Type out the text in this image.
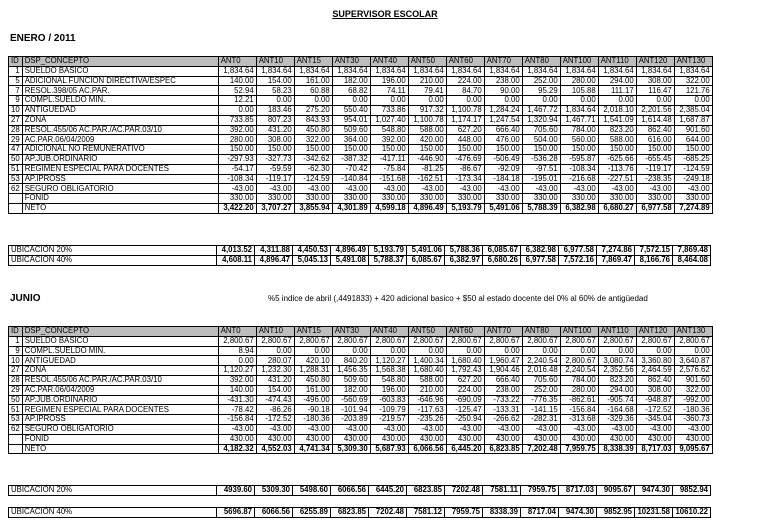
SUPERVISOR ESCOLAR
ENERO / 2011
ID	DSP_CONCEPTO	ANT0	ANT10	ANT15	ANT30	ANT40	ANT50	ANT60	ANT70	ANT80	ANT100	ANT110	ANT120	ANT130
1	SUELDO BASICO	1,834.64	1,834.64	1,834.64	1,834.64	1,834.64	1,834.64	1,834.64	1,834.64	1,834.64	1,834.64	1,834.64	1,834.64	1,834.64
5	ADICIONAL FUNCION DIRECTIVA/ESPEC	140.00	154.00	161.00	182.00	196.00	210.00	224.00	238.00	252.00	280.00	294.00	308.00	322.00
7	RESOL.398/05 AC.PAR.	52.94	58.23	60.88	68.82	74.11	79.41	84.70	90.00	95.29	105.88	111.17	116.47	121.76
9	COMPL.SUELDO MIN.	12.21	0.00	0.00	0.00	0.00	0.00	0.00	0.00	0.00	0.00	0.00	0.00	0.00
10	ANTIGUEDAD	0.00	183.46	275.20	550.40	733.86	917.32	1,100.78	1,284.24	1,467.72	1,834.64	2,018.10	2,201.56	2,385.04
27	ZONA	733.85	807.23	843.93	954.01	1,027.40	1,100.78	1,174.17	1,247.54	1,320.94	1,467.71	1,541.09	1,614.48	1,687.87
28	RESOL.455/06 AC.PAR./AC.PAR.03/10	392.00	431.20	450.80	509.60	548.80	588.00	627.20	666.40	705.60	784.00	823.20	862.40	901.60
29	AC.PAR.06/04/2009	280.00	308.00	322.00	364.00	392.00	420.00	448.00	476.00	504.00	560.00	588.00	616.00	644.00
47	ADICIONAL NO REMUNERATIVO	150.00	150.00	150.00	150.00	150.00	150.00	150.00	150.00	150.00	150.00	150.00	150.00	150.00
50	AP.JUB.ORDINARIO	-297.93	-327.73	-342.62	-387.32	-417.11	-446.90	-476.69	-506.49	-536.28	-595.87	-625.66	-655.45	-685.25
51	REGIMEN ESPECIAL PARA DOCENTES	-54.17	-59.59	-62.30	-70.42	-75.84	-81.25	-86.67	-92.09	-97.51	-108.34	-113.76	-119.17	-124.59
53	AP.IPROSS	-108.34	-119.17	-124.59	-140.84	-151.68	-162.51	-173.34	-184.18	-195.01	-216.68	-227.51	-238.35	-249.18
62	SEGURO OBLIGATORIO	-43.00	-43.00	-43.00	-43.00	-43.00	-43.00	-43.00	-43.00	-43.00	-43.00	-43.00	-43.00	-43.00
	FONID	330.00	330.00	330.00	330.00	330.00	330.00	330.00	330.00	330.00	330.00	330.00	330.00	330.00
	NETO	3,422.20	3,707.27	3,855.94	4,301.89	4,599.18	4,896.49	5,193.79	5,491.06	5,788.39	6,382.98	6,680.27	6,977.58	7,274.89
UBICACIÓN 20%	4,013.52	4,311.88	4,450.53	4,896.49	5,193.79	5,491.06	5,788.36	6,085.67	6,382.98	6,977.58	7,274.86	7,572.15	7,869.48
UBICACIÓN 40%	4,608.11	4,896.47	5,045.13	5,491.08	5,788.37	6,085.67	6,382.97	6,680.26	6,977.58	7,572.16	7,869.47	8,166.76	8,464.08
JUNIO	%5 indice de abril (,4491833) + 420 adicional basico + $50 al estado docente del 0% al 60% de antigüedad
ID	DSP_CONCEPTO	ANT0	ANT10	ANT15	ANT30	ANT40	ANT50	ANT60	ANT70	ANT80	ANT100	ANT110	ANT120	ANT130
1	SUELDO BASICO	2,800.67	2,800.67	2,800.67	2,800.67	2,800.67	2,800.67	2,800.67	2,800.67	2,800.67	2,800.67	2,800.67	2,800.67	2,800.67
9	COMPL.SUELDO MIN.	8.94	0.00	0.00	0.00	0.00	0.00	0.00	0.00	0.00	0.00	0.00	0.00	0.00
10	ANTIGUEDAD	0.00	280.07	420.10	840.20	1,120.27	1,400.34	1,680.40	1,960.47	2,240.54	2,800.67	3,080.74	3,360.80	3,640.87
27	ZONA	1,120.27	1,232.30	1,288.31	1,456.35	1,568.38	1,680.40	1,792.43	1,904.46	2,016.48	2,240.54	2,352.56	2,464.59	2,576.62
28	RESOL.455/06 AC.PAR./AC.PAR.03/10	392.00	431.20	450.80	509.60	548.80	588.00	627.20	666.40	705.60	784.00	823.20	862.40	901.60
29	AC.PAR.06/04/2009	140.00	154.00	161.00	182.00	196.00	210.00	224.00	238.00	252.00	280.00	294.00	308.00	322.00
50	AP.JUB.ORDINARIO	-431.30	-474.43	-496.00	-560.69	-603.83	-646.96	-690.09	-733.22	-776.35	-862.61	-905.74	-948.87	-992.00
51	REGIMEN ESPECIAL PARA DOCENTES	-78.42	-86.26	-90.18	-101.94	-109.79	-117.63	-125.47	-133.31	-141.15	-156.84	-164.68	-172.52	-180.36
53	AP.IPROSS	-156.84	-172.52	-180.36	-203.89	-219.57	-235.26	-250.94	-266.62	-282.31	-313.68	-329.36	-345.04	-360.73
62	SEGURO OBLIGATORIO	-43.00	-43.00	-43.00	-43.00	-43.00	-43.00	-43.00	-43.00	-43.00	-43.00	-43.00	-43.00	-43.00
	FONID	430.00	430.00	430.00	430.00	430.00	430.00	430.00	430.00	430.00	430.00	430.00	430.00	430.00
	NETO	4,182.32	4,552.03	4,741.34	5,309.30	5,687.93	6,066.56	6,445.20	6,823.85	7,202.48	7,959.75	8,338.39	8,717.03	9,095.67
UBICACIÓN 20%	4939.60	5309.30	5498.60	6066.56	6445.20	6823.85	7202.48	7581.11	7959.75	8717.03	9095.67	9474.30	9852.94
UBICACIÓN 40%	5696.87	6066.56	6255.89	6823.85	7202.48	7581.12	7959.75	8338.39	8717.04	9474.30	9852.95	10231.58	10610.22
